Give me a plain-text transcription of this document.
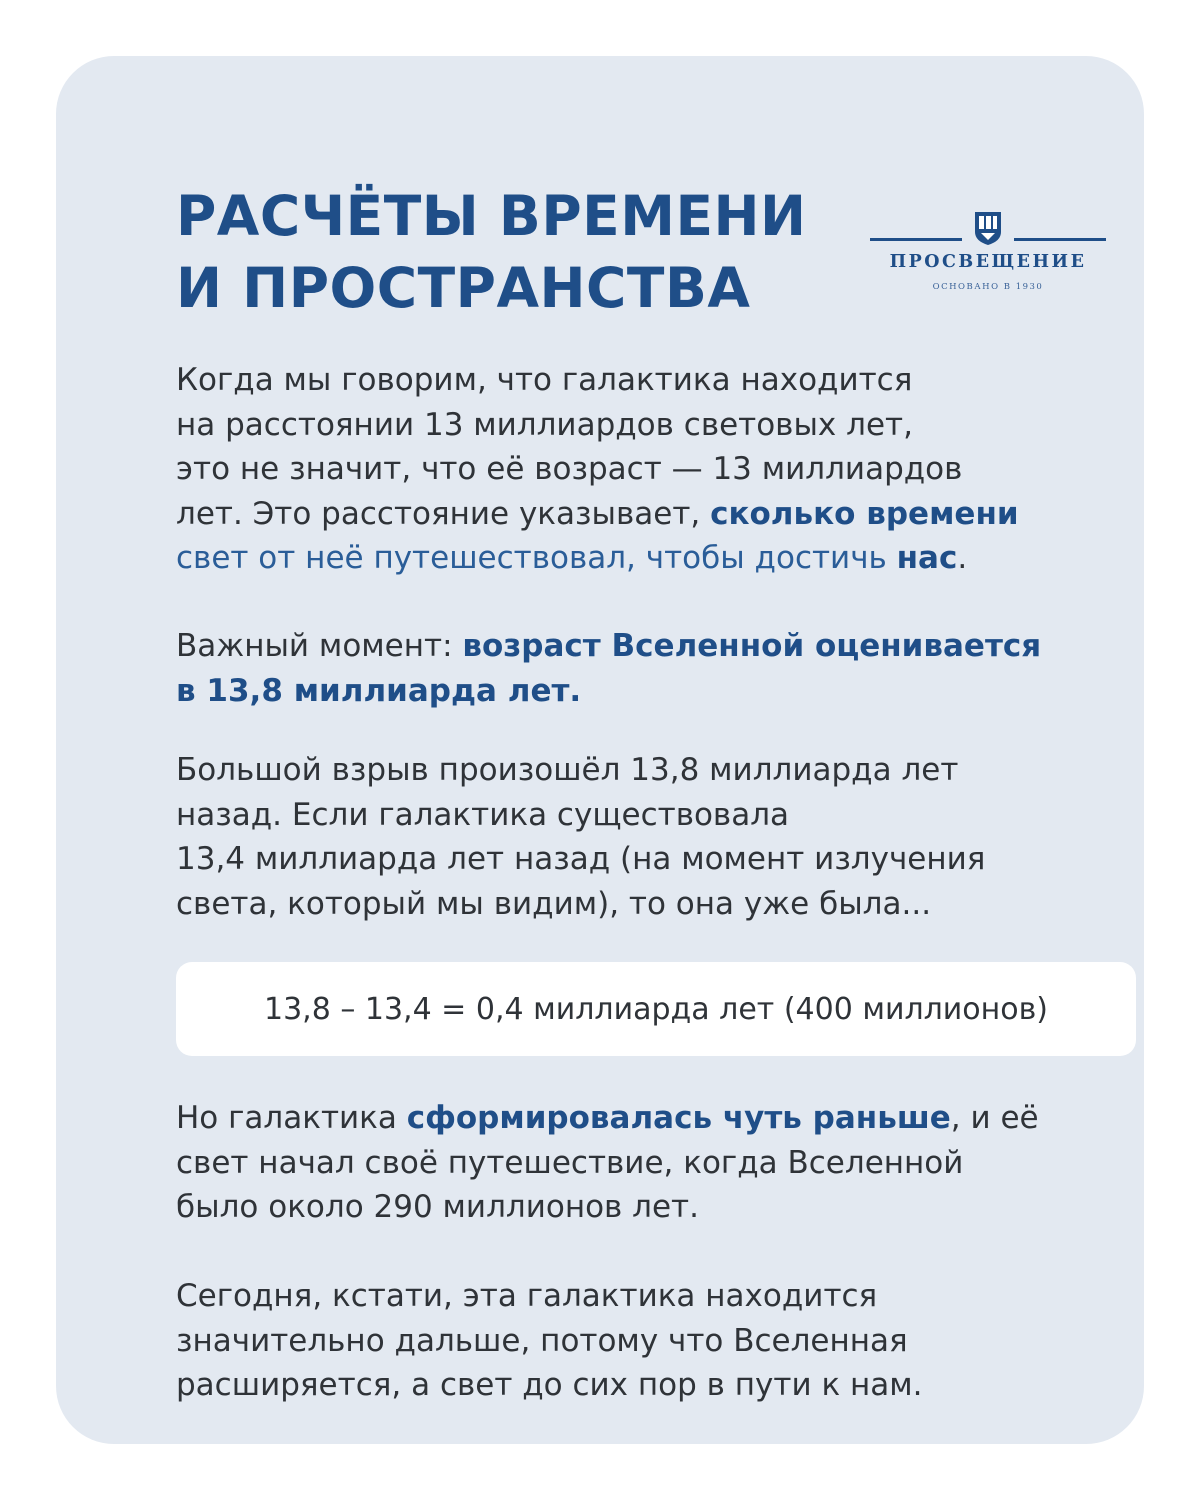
РАСЧЁТЫ ВРЕМЕНИ
И ПРОСТРАНСТВА	ПРОСВЕЩЕНИЕ
ОСНОВАНО В 1930

Когда мы говорим, что галактика находится
на расстоянии 13 миллиардов световых лет,
это не значит, что её возраст — 13 миллиардов
лет. Это расстояние указывает, сколько времени
свет от неё путешествовал, чтобы достичь нас.

Важный момент: возраст Вселенной оценивается
в 13,8 миллиарда лет.

Большой взрыв произошёл 13,8 миллиарда лет
назад. Если галактика существовала
13,4 миллиарда лет назад (на момент излучения
света, который мы видим), то она уже была...

13,8 – 13,4 = 0,4 миллиарда лет (400 миллионов)

Но галактика сформировалась чуть раньше, и её
свет начал своё путешествие, когда Вселенной
было около 290 миллионов лет.

Сегодня, кстати, эта галактика находится
значительно дальше, потому что Вселенная
расширяется, а свет до сих пор в пути к нам.
